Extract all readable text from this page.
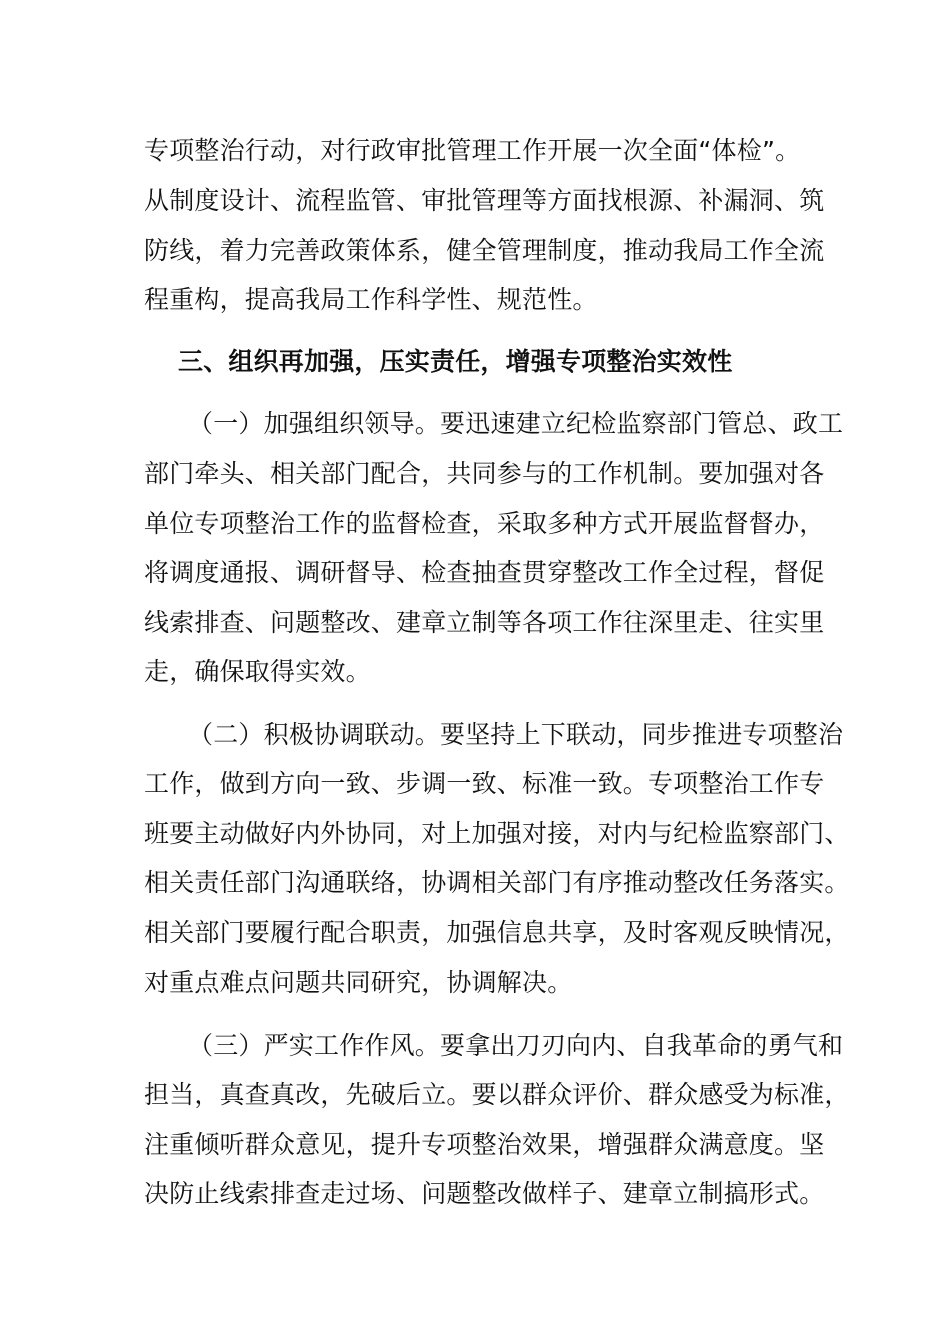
专项整治行动，对行政审批管理工作开展一次全面“体检”。

从制度设计、流程监管、审批管理等方面找根源、补漏洞、筑

防线，着力完善政策体系，健全管理制度，推动我局工作全流

程重构，提高我局工作科学性、规范性。

三、组织再加强，压实责任，增强专项整治实效性

（一）加强组织领导。要迅速建立纪检监察部门管总、政工

部门牵头、相关部门配合，共同参与的工作机制。要加强对各

单位专项整治工作的监督检查，采取多种方式开展监督督办，

将调度通报、调研督导、检查抽查贯穿整改工作全过程，督促

线索排查、问题整改、建章立制等各项工作往深里走、往实里

走，确保取得实效。

（二）积极协调联动。要坚持上下联动，同步推进专项整治

工作，做到方向一致、步调一致、标准一致。专项整治工作专

班要主动做好内外协同，对上加强对接，对内与纪检监察部门、

相关责任部门沟通联络，协调相关部门有序推动整改任务落实。

相关部门要履行配合职责，加强信息共享，及时客观反映情况，

对重点难点问题共同研究，协调解决。

（三）严实工作作风。要拿出刀刃向内、自我革命的勇气和

担当，真查真改，先破后立。要以群众评价、群众感受为标准，

注重倾听群众意见，提升专项整治效果，增强群众满意度。坚

决防止线索排查走过场、问题整改做样子、建章立制搞形式。
